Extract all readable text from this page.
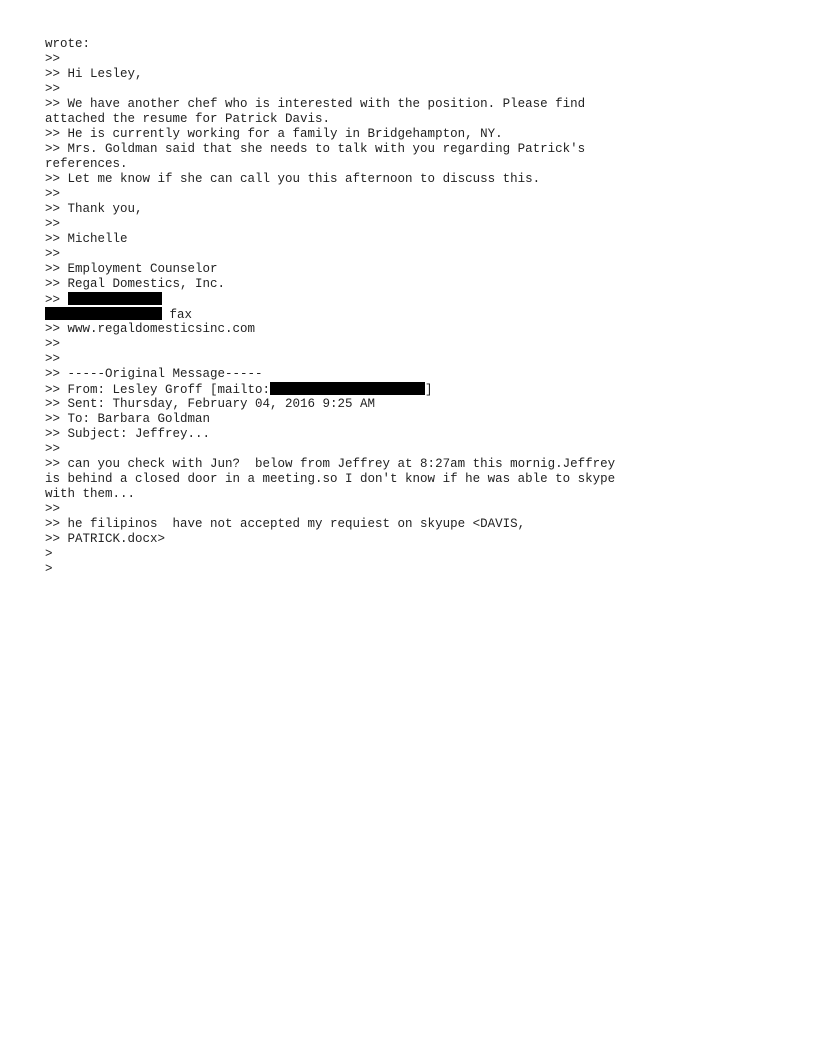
wrote:
>>
>> Hi Lesley,
>>
>> We have another chef who is interested with the position. Please find
attached the resume for Patrick Davis.
>> He is currently working for a family in Bridgehampton, NY.
>> Mrs. Goldman said that she needs to talk with you regarding Patrick's
references.
>> Let me know if she can call you this afternoon to discuss this.
>>
>> Thank you,
>>
>> Michelle
>>
>> Employment Counselor
>> Regal Domestics, Inc.
>>
fax
>> www.regaldomesticsinc.com
>>
>>
>> -----Original Message-----
>> From: Lesley Groff [mailto:	]
>> Sent: Thursday, February 04, 2016 9:25 AM
>> To: Barbara Goldman
>> Subject: Jeffrey...
>>
>> can you check with Jun?  below from Jeffrey at 8:27am this mornig.Jeffrey
is behind a closed door in a meeting.so I don't know if he was able to skype
with them...
>>
>> he filipinos  have not accepted my requiest on skyupe <DAVIS,
>> PATRICK.docx>
>
>
